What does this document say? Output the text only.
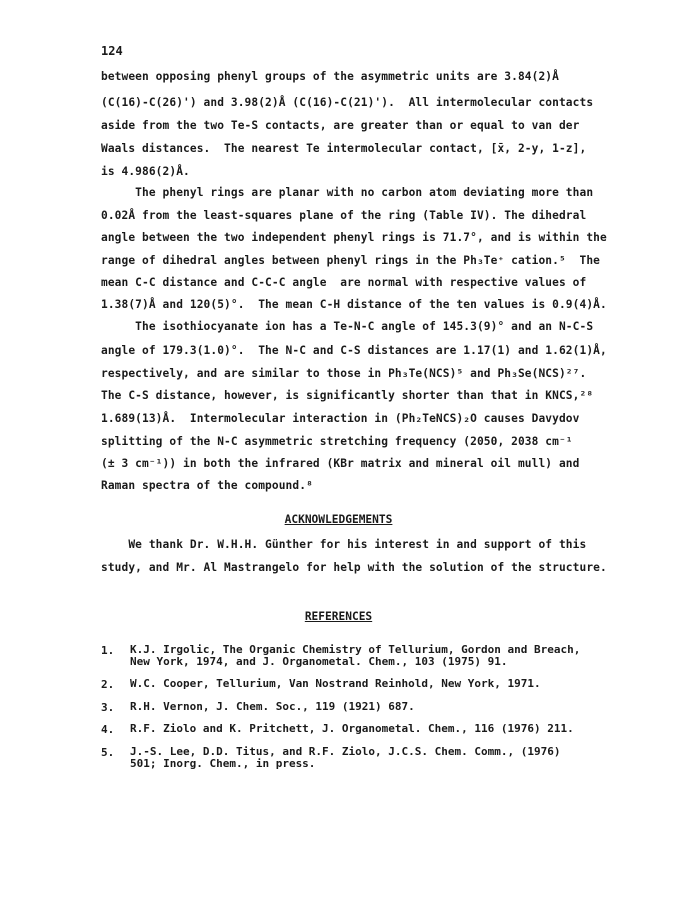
124
between opposing phenyl groups of the asymmetric units are 3.84(2)Å
(C(16)-C(26)') and 3.98(2)Å (C(16)-C(21)').  All intermolecular contacts
aside from the two Te-S contacts, are greater than or equal to van der
Waals distances.  The nearest Te intermolecular contact, [x̄, 2-y, 1-z],
is 4.986(2)Å.
The phenyl rings are planar with no carbon atom deviating more than
0.02Å from the least-squares plane of the ring (Table IV). The dihedral
angle between the two independent phenyl rings is 71.7°, and is within the
range of dihedral angles between phenyl rings in the Ph₃Te⁺ cation.⁵  The
mean C-C distance and C-C-C angle  are normal with respective values of
1.38(7)Å and 120(5)°.  The mean C-H distance of the ten values is 0.9(4)Å.
The isothiocyanate ion has a Te-N-C angle of 145.3(9)° and an N-C-S
angle of 179.3(1.0)°.  The N-C and C-S distances are 1.17(1) and 1.62(1)Å,
respectively, and are similar to those in Ph₃Te(NCS)⁵ and Ph₃Se(NCS)²⁷.
The C-S distance, however, is significantly shorter than that in KNCS,²⁸
1.689(13)Å.  Intermolecular interaction in (Ph₂TeNCS)₂O causes Davydov
splitting of the N-C asymmetric stretching frequency (2050, 2038 cm⁻¹
(± 3 cm⁻¹)) in both the infrared (KBr matrix and mineral oil mull) and
Raman spectra of the compound.⁸
ACKNOWLEDGEMENTS
We thank Dr. W.H.H. Günther for his interest in and support of this
study, and Mr. Al Mastrangelo for help with the solution of the structure.
REFERENCES
1.	K.J. Irgolic, The Organic Chemistry of Tellurium, Gordon and Breach,
New York, 1974, and J. Organometal. Chem., 103 (1975) 91.
2.	W.C. Cooper, Tellurium, Van Nostrand Reinhold, New York, 1971.
3.	R.H. Vernon, J. Chem. Soc., 119 (1921) 687.
4.	R.F. Ziolo and K. Pritchett, J. Organometal. Chem., 116 (1976) 211.
5.	J.-S. Lee, D.D. Titus, and R.F. Ziolo, J.C.S. Chem. Comm., (1976)
501; Inorg. Chem., in press.
